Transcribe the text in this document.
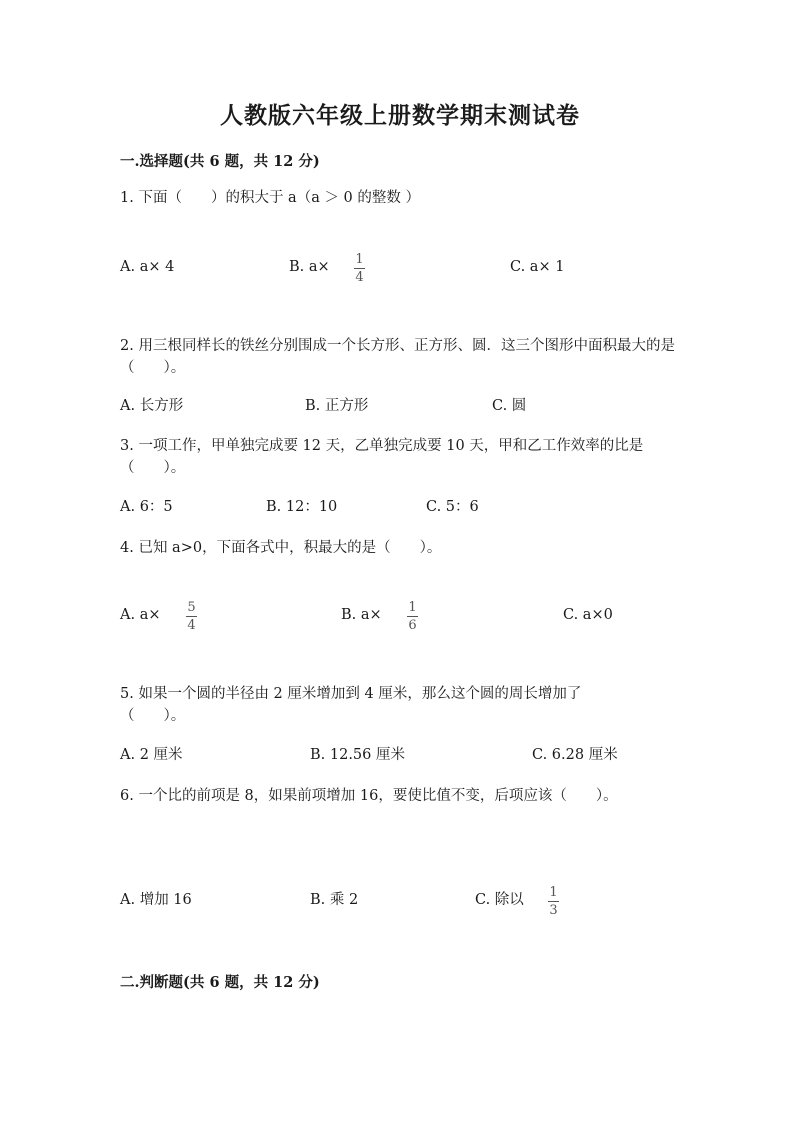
人教版六年级上册数学期末测试卷
一.选择题(共 6 题，共 12 分)
1. 下面（　　）的积大于 a（a ＞ 0 的整数 ）
A. a× 4	B. a× 1
4
C. a× 1
2. 用三根同样长的铁丝分别围成一个长方形、正方形、圆．这三个图形中面积最大的是（　　）。
A. 长方形	B. 正方形	C. 圆
3. 一项工作，甲单独完成要 12 天，乙单独完成要 10 天，甲和乙工作效率的比是（　　）。
A. 6：5	B. 12：10	C. 5：6
4. 已知 a>0，下面各式中，积最大的是（　　）。
A. a× 5
4
B. a× 1
6
C. a×0
5. 如果一个圆的半径由 2 厘米增加到 4 厘米，那么这个圆的周长增加了（　　）。
A. 2 厘米	B. 12.56 厘米	C. 6.28 厘米
6. 一个比的前项是 8，如果前项增加 16，要使比值不变，后项应该（　　）。
A. 增加 16	B. 乘 2	C. 除以 1
3
二.判断题(共 6 题，共 12 分)
